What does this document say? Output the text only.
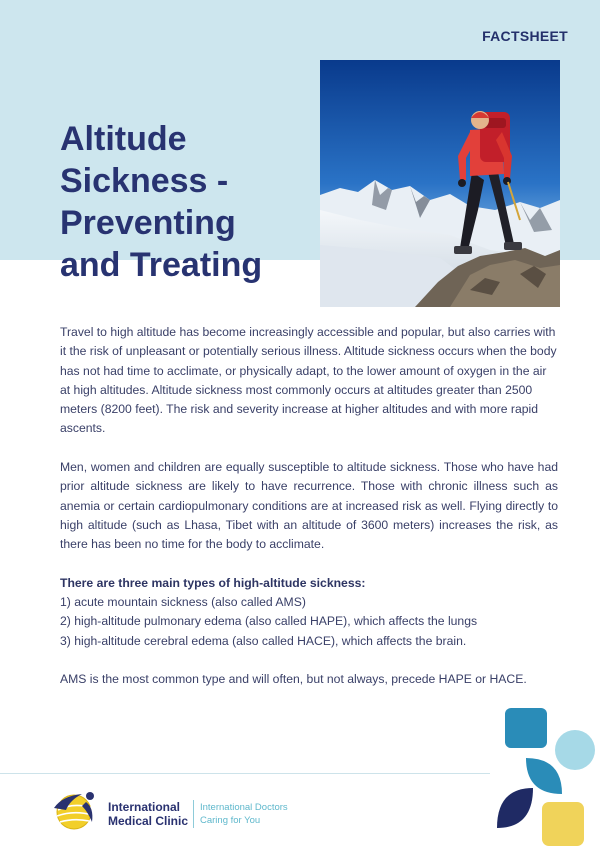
FACTSHEET
Altitude
Sickness -
Preventing
and Treating

Travel to high altitude has become increasingly accessible and popular, but also carries with it the risk of unpleasant or potentially serious illness. Altitude sickness occurs when the body has not had time to acclimate, or physically adapt, to the lower amount of oxygen in the air at high altitudes. Altitude sickness most commonly occurs at altitudes greater than 2500 meters (8200 feet). The risk and severity increase at higher altitudes and with more rapid ascents.

Men, women and children are equally susceptible to altitude sickness. Those who have had prior altitude sickness are likely to have recurrence. Those with chronic illness such as anemia or certain cardiopulmonary conditions are at increased risk as well. Flying directly to high altitude (such as Lhasa, Tibet with an altitude of 3600 meters) increases the risk, as there has been no time for the body to acclimate.

There are three main types of high-altitude sickness:
1) acute mountain sickness (also called AMS)
2) high-altitude pulmonary edema (also called HAPE), which affects the lungs
3) high-altitude cerebral edema (also called HACE), which affects the brain.

AMS is the most common type and will often, but not always, precede HAPE or HACE.

International
Medical Clinic
International Doctors
Caring for You
